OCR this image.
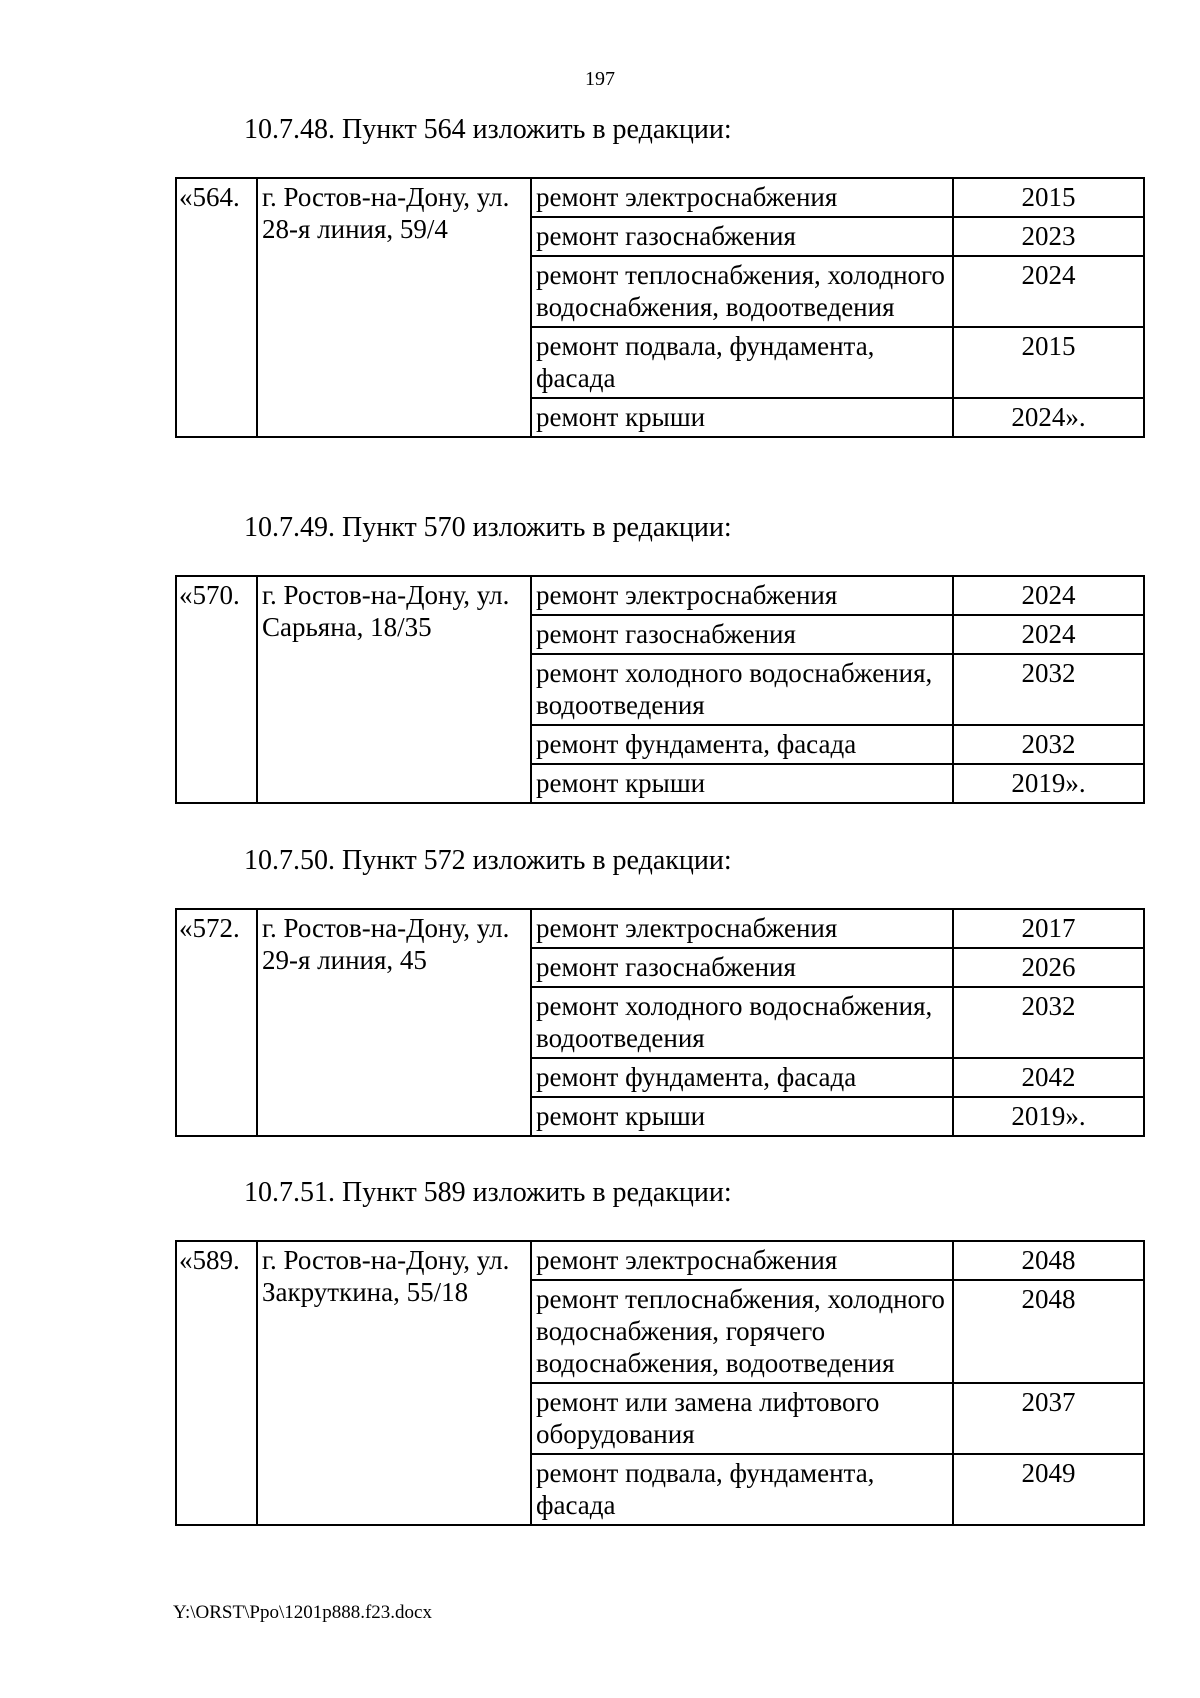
197
10.7.48. Пункт 564 изложить в редакции:
«564.	г. Ростов-на-Дону, ул. 28-я линия, 59/4	ремонт электроснабжения	2015
		ремонт газоснабжения	2023
		ремонт теплоснабжения, холодного водоснабжения, водоотведения	2024
		ремонт подвала, фундамента, фасада	2015
		ремонт крыши	2024».
10.7.49. Пункт 570 изложить в редакции:
«570.	г. Ростов-на-Дону, ул. Сарьяна, 18/35	ремонт электроснабжения	2024
		ремонт газоснабжения	2024
		ремонт холодного водоснабжения, водоотведения	2032
		ремонт фундамента, фасада	2032
		ремонт крыши	2019».
10.7.50. Пункт 572 изложить в редакции:
«572.	г. Ростов-на-Дону, ул. 29-я линия, 45	ремонт электроснабжения	2017
		ремонт газоснабжения	2026
		ремонт холодного водоснабжения, водоотведения	2032
		ремонт фундамента, фасада	2042
		ремонт крыши	2019».
10.7.51. Пункт 589 изложить в редакции:
«589.	г. Ростов-на-Дону, ул. Закруткина, 55/18	ремонт электроснабжения	2048
		ремонт теплоснабжения, холодного водоснабжения, горячего водоснабжения, водоотведения	2048
		ремонт или замена лифтового оборудования	2037
		ремонт подвала, фундамента, фасада	2049
Y:\ORST\Ppo\1201p888.f23.docx
